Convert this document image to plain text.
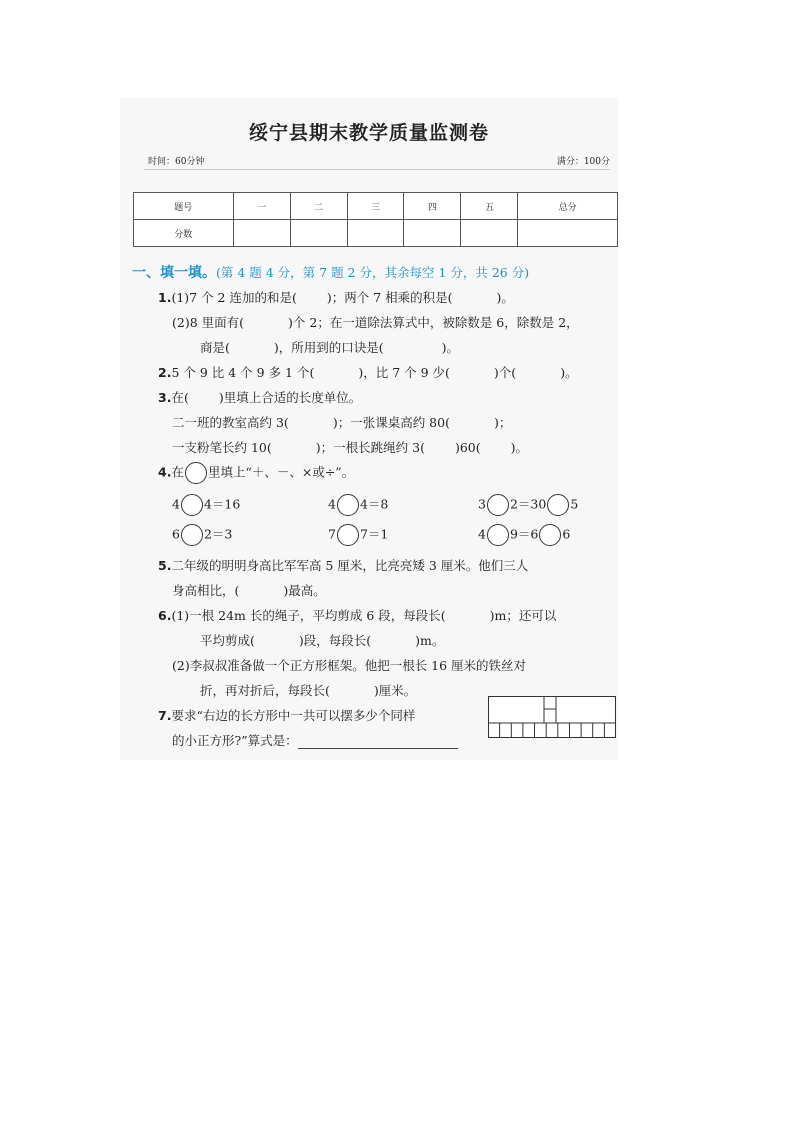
绥宁县期末教学质量监测卷
时间：60分钟	满分：100分
题号	一	二	三	四	五	总分
分数						
一、填一填。(第 4 题 4 分，第 7 题 2 分，其余每空 1 分，共 26 分)
1.(1)7 个 2 连加的和是( )；两个 7 相乘的积是(	)。
(2)8 里面有(	)个 2；在一道除法算式中，被除数是 6，除数是 2，
商是(	)，所用到的口诀是(	)。
2.5 个 9 比 4 个 9 多 1 个(	)，比 7 个 9 少(	)个(	)。
3.在( )里填上合适的长度单位。
二一班的教室高约 3(	)；一张课桌高约 80(	)；
一支粉笔长约 10(	)；一根长跳绳约 3( )60( )。
4.在 里填上“＋、－、×或÷”。
4 4＝16	4 4＝8	3 2＝30 5
6 2＝3	7 7＝1	4 9＝6 6
5.二年级的明明身高比军军高 5 厘米，比亮亮矮 3 厘米。他们三人
身高相比，(	)最高。
6.(1)一根 24m 长的绳子，平均剪成 6 段，每段长(	)m；还可以
平均剪成(	)段，每段长(	)m。
(2)李叔叔准备做一个正方形框架。他把一根长 16 厘米的铁丝对
折，再对折后，每段长(	)厘米。
7.要求“右边的长方形中一共可以摆多少个同样
的小正方形?”算式是：
